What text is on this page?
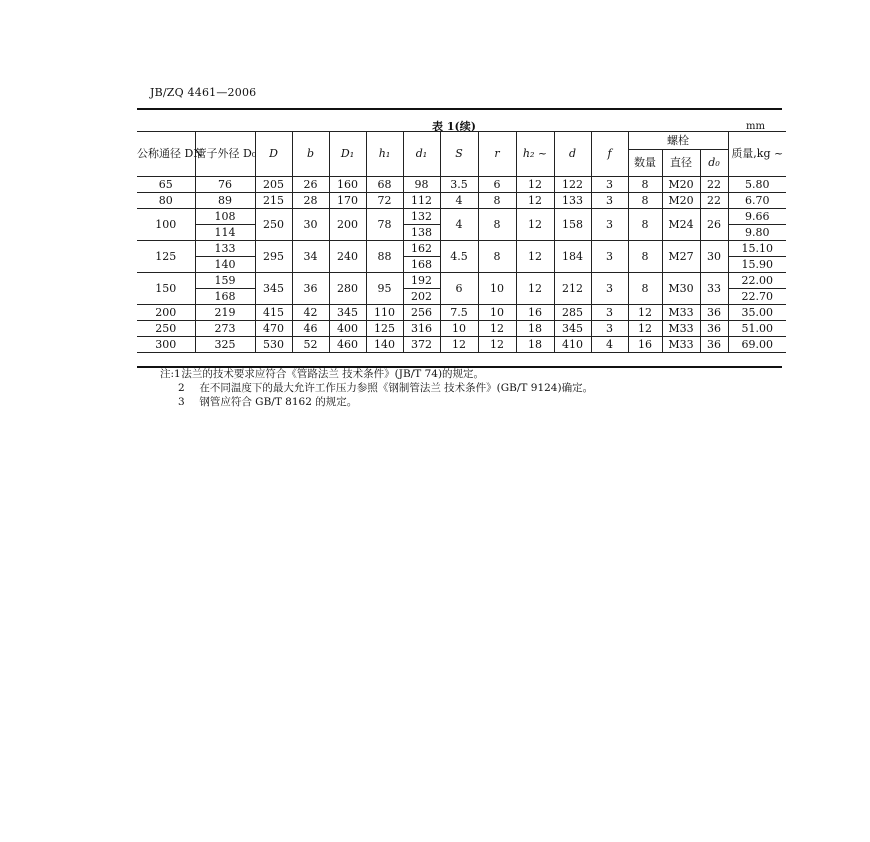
JB/ZQ 4461—2006
表 1(续)	mm
公称通径 DN	管子外径 D₀	D	b	D₁	h₁	d₁	S	r	h₂ ~	d	f	螺栓			质量,kg ~
												数量	直径	d₀	
65	76	205	26	160	68	98	3.5	6	12	122	3	8	M20	22	5.80
80	89	215	28	170	72	112	4	8	12	133	3	8	M20	22	6.70
100	108	250	30	200	78	132	4	8	12	158	3	8	M24	26	9.66
	114					138									9.80
125	133	295	34	240	88	162	4.5	8	12	184	3	8	M27	30	15.10
	140					168									15.90
150	159	345	36	280	95	192	6	10	12	212	3	8	M30	33	22.00
	168					202									22.70
200	219	415	42	345	110	256	7.5	10	16	285	3	12	M33	36	35.00
250	273	470	46	400	125	316	10	12	18	345	3	12	M33	36	51.00
300	325	530	52	460	140	372	12	12	18	410	4	16	M33	36	69.00
注:1 法兰的技术要求应符合《管路法兰 技术条件》(JB/T 74)的规定。
2 在不同温度下的最大允许工作压力参照《钢制管法兰 技术条件》(GB/T 9124)确定。
3 钢管应符合 GB/T 8162 的规定。
